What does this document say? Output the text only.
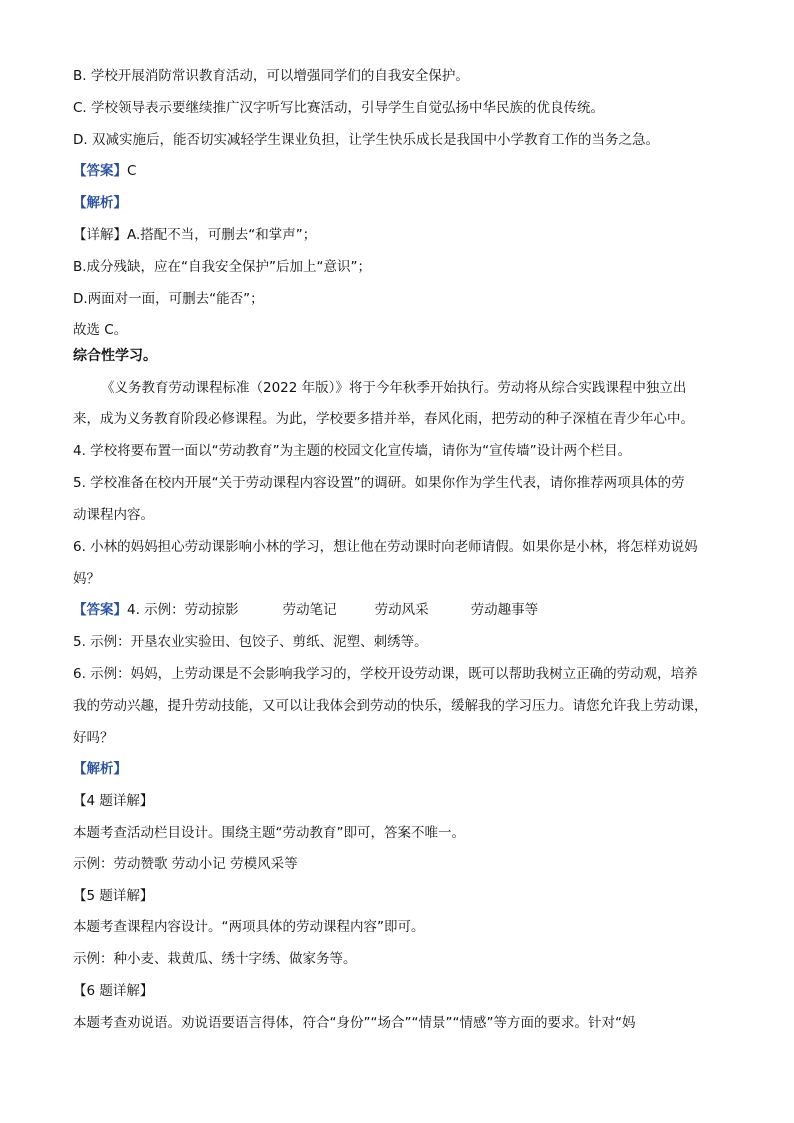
B. 学校开展消防常识教育活动，可以增强同学们的自我安全保护。
C. 学校领导表示要继续推广汉字听写比赛活动，引导学生自觉弘扬中华民族的优良传统。
D. 双减实施后，能否切实减轻学生课业负担，让学生快乐成长是我国中小学教育工作的当务之急。
【答案】C
【解析】
【详解】A.搭配不当，可删去“和掌声”；
B.成分残缺，应在“自我安全保护”后加上“意识”；
D.两面对一面，可删去“能否”；
故选 C。
综合性学习。
《义务教育劳动课程标准（2022 年版）》将于今年秋季开始执行。劳动将从综合实践课程中独立出
来，成为义务教育阶段必修课程。为此，学校要多措并举，春风化雨，把劳动的种子深植在青少年心中。
4. 学校将要布置一面以“劳动教育”为主题的校园文化宣传墙，请你为“宣传墙”设计两个栏目。
5. 学校准备在校内开展“关于劳动课程内容设置”的调研。如果你作为学生代表，请你推荐两项具体的劳
动课程内容。
6. 小林的妈妈担心劳动课影响小林的学习，想让他在劳动课时向老师请假。如果你是小林，将怎样劝说妈
妈？
【答案】4. 示例：劳动掠影	劳动笔记	劳动风采	劳动趣事等
5. 示例：开垦农业实验田、包饺子、剪纸、泥塑、刺绣等。
6. 示例：妈妈，上劳动课是不会影响我学习的，学校开设劳动课，既可以帮助我树立正确的劳动观，培养
我的劳动兴趣，提升劳动技能，又可以让我体会到劳动的快乐，缓解我的学习压力。请您允许我上劳动课，
好吗？
【解析】
【4 题详解】
本题考查活动栏目设计。围绕主题“劳动教育”即可，答案不唯一。
示例：劳动赞歌 劳动小记 劳模风采等
【5 题详解】
本题考查课程内容设计。“两项具体的劳动课程内容”即可。
示例：种小麦、栽黄瓜、绣十字绣、做家务等。
【6 题详解】
本题考查劝说语。劝说语要语言得体，符合“身份”“场合”“情景”“情感”等方面的要求。针对“妈
